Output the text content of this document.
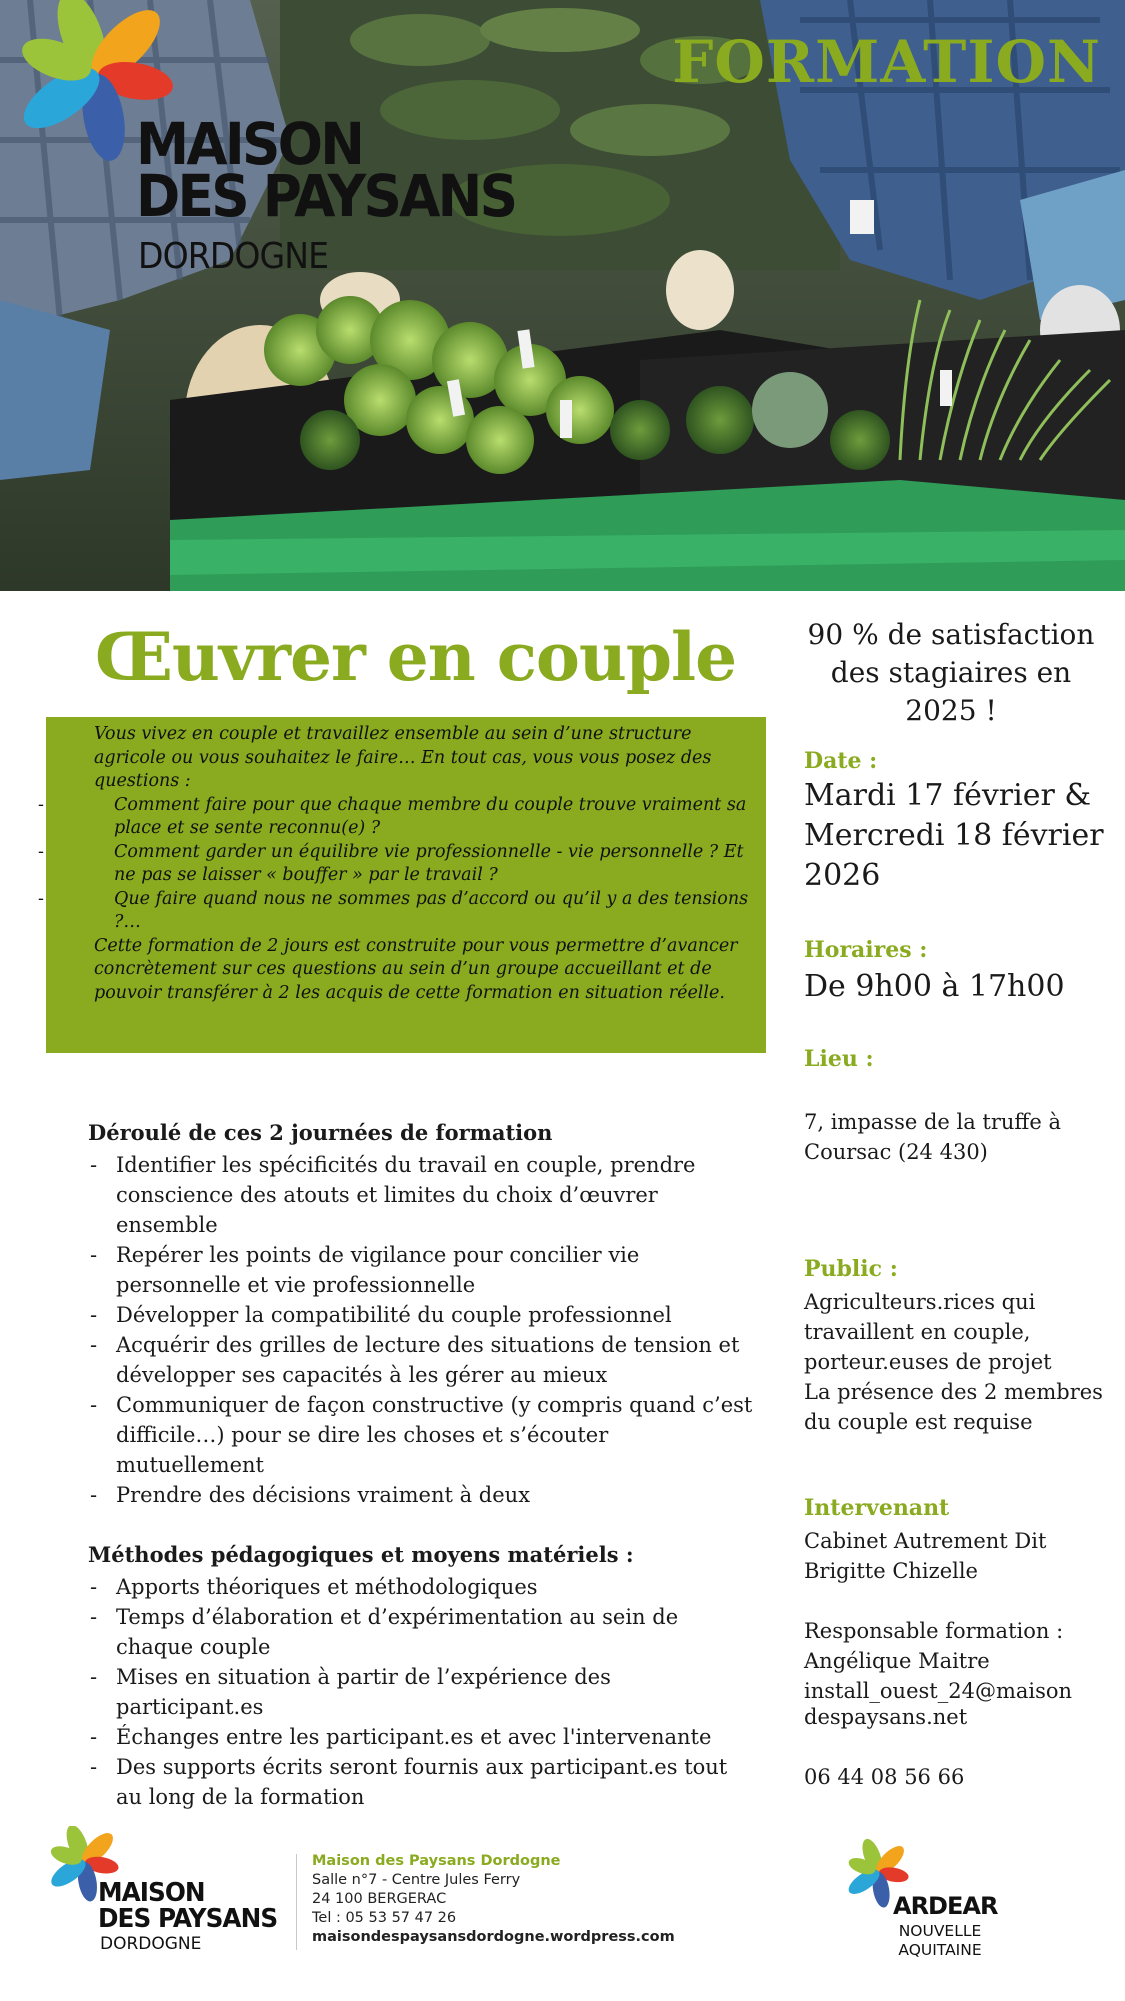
MAISON
DES PAYSANS
DORDOGNE
FORMATION
Œuvrer en couple

Vous vivez en couple et travaillez ensemble au sein d’une structure agricole ou vous souhaitez le faire… En tout cas, vous vous posez des questions :

- Comment faire pour que chaque membre du couple trouve vraiment sa place et se sente reconnu(e) ?
- Comment garder un équilibre vie professionnelle - vie personnelle ? Et ne pas se laisser « bouffer » par le travail ?
- Que faire quand nous ne sommes pas d’accord ou qu’il y a des tensions ?…

Cette formation de 2 jours est construite pour vous permettre d’avancer concrètement sur ces questions au sein d’un groupe accueillant et de pouvoir transférer à 2 les acquis de cette formation en situation réelle.

Déroulé de ces 2 journées de formation
- Identifier les spécificités du travail en couple, prendre conscience des atouts et limites du choix d’œuvrer ensemble
- Repérer les points de vigilance pour concilier vie personnelle et vie professionnelle
- Développer la compatibilité du couple professionnel
- Acquérir des grilles de lecture des situations de tension et développer ses capacités à les gérer au mieux
- Communiquer de façon constructive (y compris quand c’est difficile…) pour se dire les choses et s’écouter mutuellement
- Prendre des décisions vraiment à deux
Méthodes pédagogiques et moyens matériels :
- Apports théoriques et méthodologiques
- Temps d’élaboration et d’expérimentation au sein de chaque couple
- Mises en situation à partir de l’expérience des participant.es
- Échanges entre les participant.es et avec l'intervenante
- Des supports écrits seront fournis aux participant.es tout au long de la formation
90 % de satisfaction des stagiaires en 2025 !
Date :
Mardi 17 février & Mercredi 18 février 2026
Horaires :
De 9h00 à 17h00
Lieu :
7, impasse de la truffe à Coursac (24 430)
Public :
Agriculteurs.rices qui travaillent en couple, porteur.euses de projet
La présence des 2 membres du couple est requise
Intervenant
Cabinet Autrement Dit
Brigitte Chizelle
Responsable formation :
Angélique Maitre
install_ouest_24@maison
despaysans.net
06 44 08 56 66
MAISON
DES PAYSANS
DORDOGNE
Maison des Paysans Dordogne
Salle n°7 - Centre Jules Ferry
24 100 BERGERAC
Tel : 05 53 57 47 26
maisondespaysansdordogne.wordpress.com
ARDEAR
NOUVELLE
AQUITAINE
